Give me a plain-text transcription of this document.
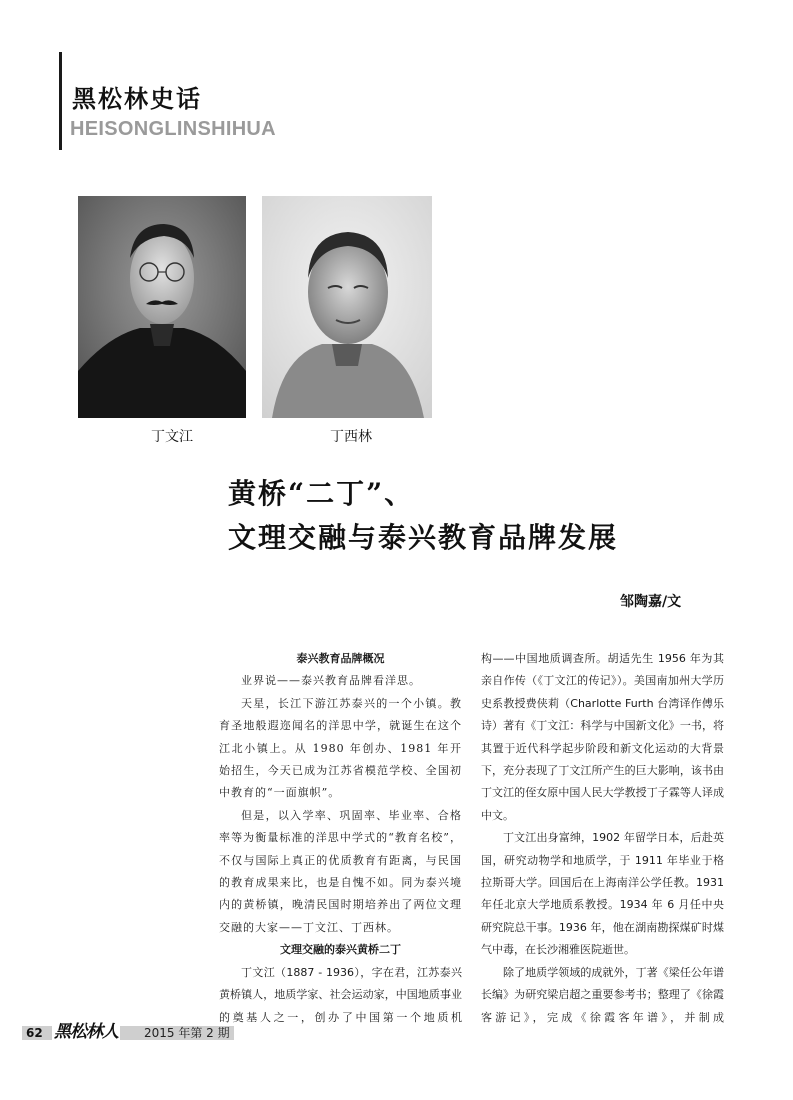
黑松林史话
HEISONGLINSHIHUA
丁文江	丁西林
黄桥“二丁”、
文理交融与泰兴教育品牌发展
邹陶嘉/文

泰兴教育品牌概况

业界说——泰兴教育品牌看洋思。

天星，长江下游江苏泰兴的一个小镇。教育圣地般遐迩闻名的洋思中学，就诞生在这个江北小镇上。从 1980 年创办、1981 年开始招生，今天已成为江苏省模范学校、全国初中教育的“一面旗帜”。

但是，以入学率、巩固率、毕业率、合格率等为衡量标准的洋思中学式的“教育名校”，不仅与国际上真正的优质教育有距离，与民国的教育成果来比，也是自愧不如。同为泰兴境内的黄桥镇，晚清民国时期培养出了两位文理交融的大家——丁文江、丁西林。

文理交融的泰兴黄桥二丁

丁文江（1887 - 1936），字在君，江苏泰兴黄桥镇人，地质学家、社会运动家，中国地质事业的奠基人之一，创办了中国第一个地质机

构——中国地质调查所。胡适先生 1956 年为其亲自作传（《丁文江的传记》）。美国南加州大学历史系教授费侠莉（Charlotte Furth 台湾译作傅乐诗）著有《丁文江：科学与中国新文化》一书，将其置于近代科学起步阶段和新文化运动的大背景下，充分表现了丁文江所产生的巨大影响，该书由丁文江的侄女原中国人民大学教授丁子霖等人译成中文。

丁文江出身富绅，1902 年留学日本，后赴英国，研究动物学和地质学，于 1911 年毕业于格拉斯哥大学。回国后在上海南洋公学任教。1931 年任北京大学地质系教授。1934 年 6 月任中央研究院总干事。1936 年，他在湖南勘探煤矿时煤气中毒，在长沙湘雅医院逝世。

除了地质学领域的成就外，丁著《梁任公年谱长编》为研究梁启超之重要参考书；整理了《徐霞客游记》，完成《徐霞客年谱》，并制成

62 黑松林人 2015 年第 2 期
